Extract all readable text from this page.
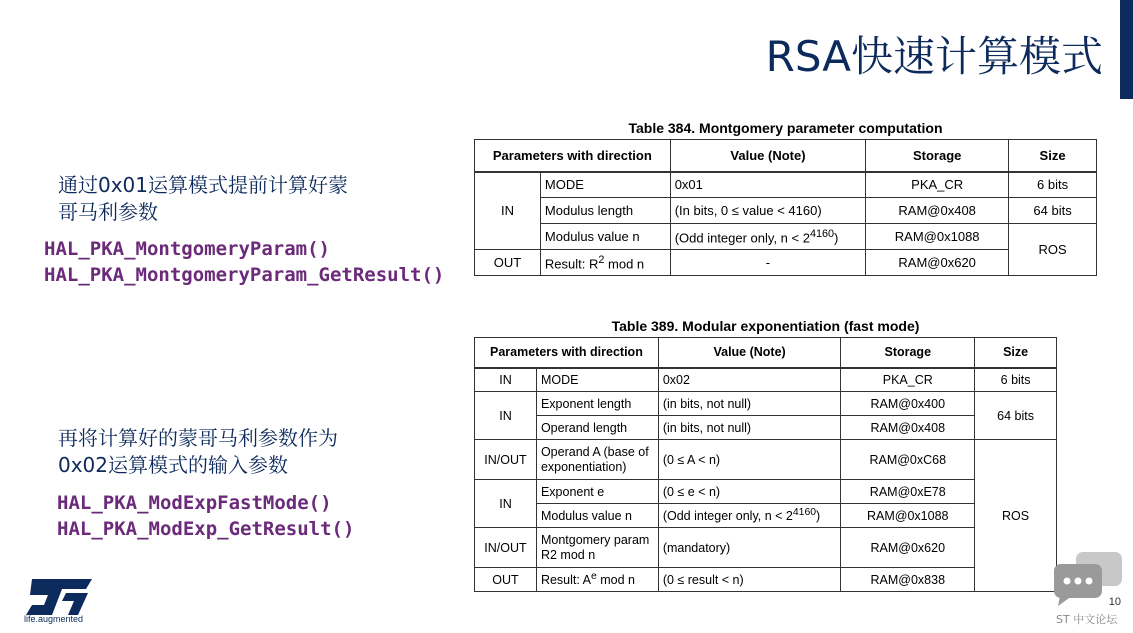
RSA快速计算模式
通过0x01运算模式提前计算好蒙
哥马利参数
HAL_PKA_MontgomeryParam()
HAL_PKA_MontgomeryParam_GetResult()
再将计算好的蒙哥马利参数作为
0x02运算模式的输入参数
HAL_PKA_ModExpFastMode()
HAL_PKA_ModExp_GetResult()
Table 384. Montgomery parameter computation
Parameters with direction		Value (Note)	Storage	Size
IN	MODE	0x01	PKA_CR	6 bits
	Modulus length	(In bits, 0 ≤ value < 4160)	RAM@0x408	64 bits
	Modulus value n	(Odd integer only, $n < 2^{4160}$)	RAM@0x1088	ROS
OUT	Result: $R^2$ mod n	-	RAM@0x620	
Table 389. Modular exponentiation (fast mode)
Parameters with direction		Value (Note)	Storage	Size
IN	MODE	0x02	PKA_CR	6 bits
IN	Exponent length	(in bits, not null)	RAM@0x400	64 bits
	Operand length	(in bits, not null)	RAM@0x408	
IN/OUT	Operand A (base of exponentiation)	(0 ≤ A < n)	RAM@0xC68	ROS
IN	Exponent e	(0 ≤ e < n)	RAM@0xE78	
	Modulus value n	(Odd integer only, $n < 2^{4160}$)	RAM@0x1088	
IN/OUT	Montgomery param R2 mod n	(mandatory)	RAM@0x620	
OUT	Result: $A^e$ mod n	(0 ≤ result < n)	RAM@0x838	
life.augmented
10
ST 中文论坛
